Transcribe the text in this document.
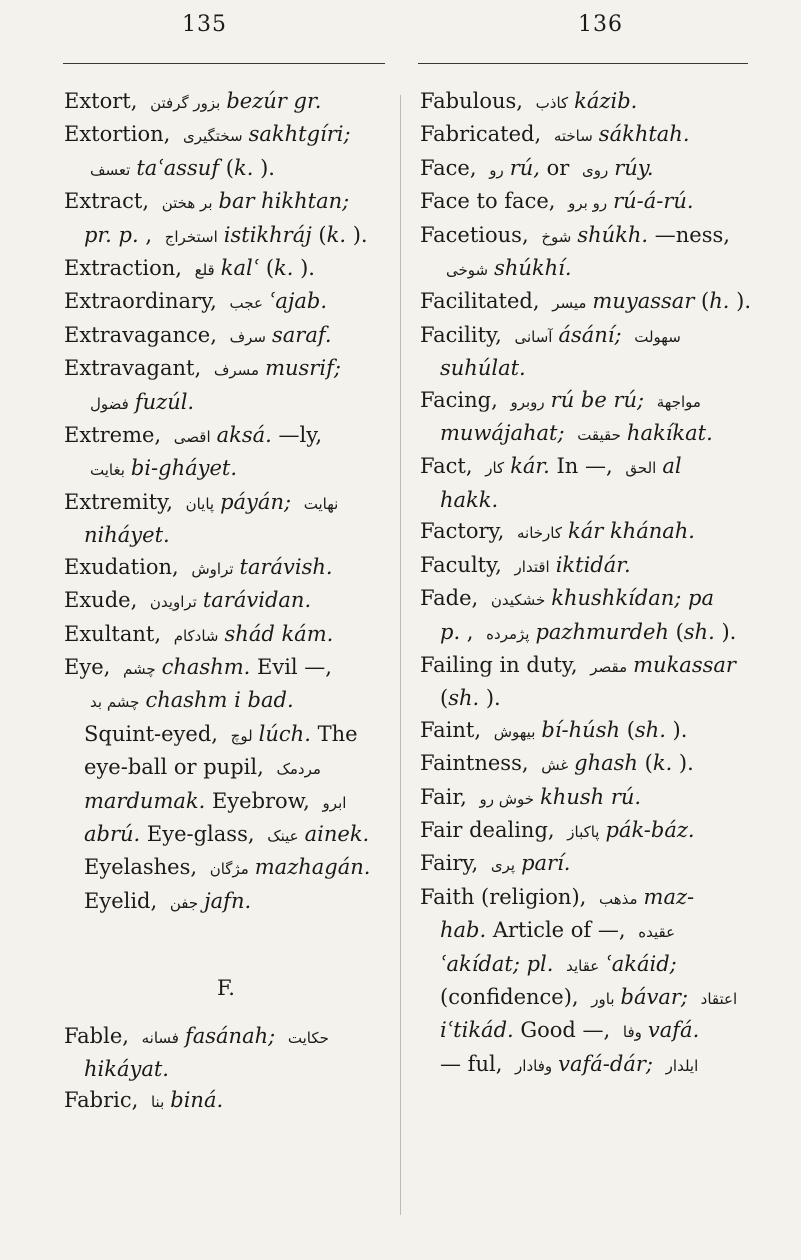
135	136
Extort, بزور گرفتن bezúr gr.
Extortion, سختگیری sakhtgíri;
تعسف taʿassuf (k. ).
Extract, بر هختن bar hikhtan;
pr. p. , استخراج istikhráj (k. ).
Extraction, قلع kalʿ (k. ).
Extraordinary, عجب ʿajab.
Extravagance, سرف saraf.
Extravagant, مسرف musrif;
فضول fuzúl.
Extreme, اقصی aksá. —ly,
بغایت bi-gháyet.
Extremity, پایان páyán; نهایت
niháyet.
Exudation, تراوش tarávish.
Exude, تراویدن tarávidan.
Exultant, شادکام shád kám.
Eye, چشم chashm. Evil —,
چشم بد chashm i bad.
Squint-eyed, لوچ lúch. The
eye-ball or pupil, مردمک
mardumak. Eyebrow, ابرو
abrú. Eye-glass, عینک ainek.
Eyelashes, مژگان mazhagán.
Eyelid, جفن jafn.
F.
Fable, فسانه fasánah; حکایت
hikáyat.
Fabric, بنا biná.
Fabulous, کاذب kázib.
Fabricated, ساخته sákhtah.
Face, رو rú, or روی rúy.
Face to face, رو برو rú-á-rú.
Facetious, شوخ shúkh. —ness,
شوخی shúkhí.
Facilitated, میسر muyassar (h. ).
Facility, آسانی ásání; سهولت
suhúlat.
Facing, روبرو rú be rú; مواجهة
muwájahat; حقیقت hakíkat.
Fact, کار kár. In —, الحق al
hakk.
Factory, کارخانه kár khánah.
Faculty, اقتدار iktidár.
Fade, خشکیدن khushkídan; pa
p. , پژمرده pazhmurdeh (sh. ).
Failing in duty, مقصر mukassar
(sh. ).
Faint, بیهوش bí-húsh (sh. ).
Faintness, غش ghash (k. ).
Fair, خوش رو khush rú.
Fair dealing, پاکباز pák-báz.
Fairy, پری parí.
Faith (religion), مذهب maz-
hab. Article of —, عقیده
ʿakídat; pl. عقاید ʿakáid;
(confidence), باور bávar; اعتقاد
iʿtikád. Good —, وفا vafá.
— ful, وفادار vafá-dár; ایلدار
